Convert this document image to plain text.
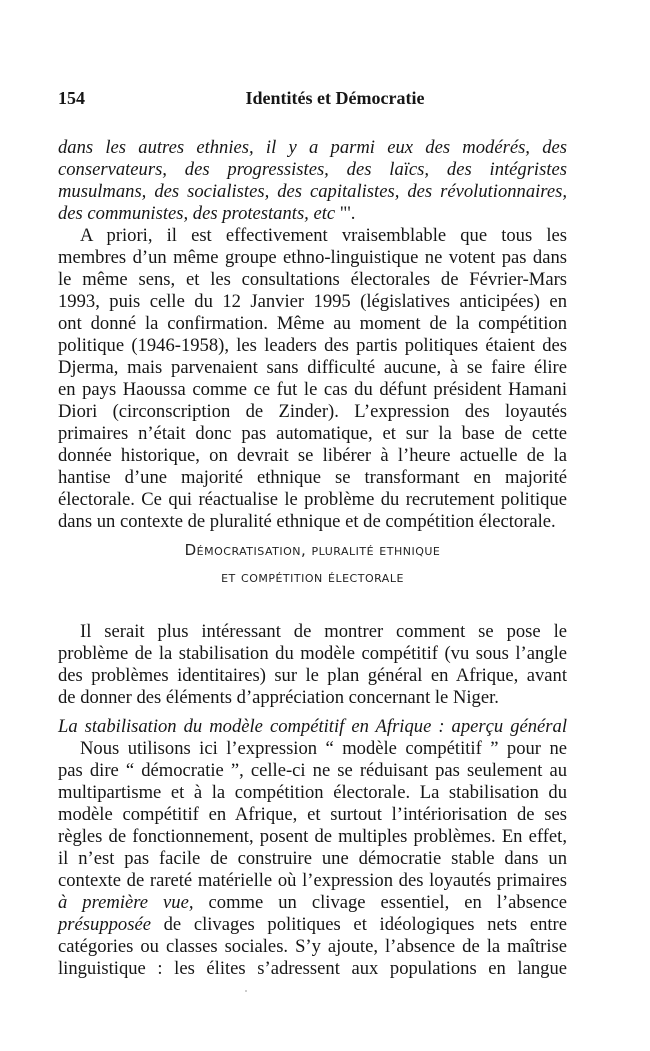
154	Identités et Démocratie
dans les autres ethnies, il y a parmi eux des modérés, des
conservateurs, des progressistes, des laïcs, des intégristes
musulmans, des socialistes, des capitalistes, des révolutionnaires,
des communistes, des protestants, etc "'.
A priori, il est effectivement vraisemblable que tous les
membres d’un même groupe ethno-linguistique ne votent pas dans
le même sens, et les consultations électorales de Février-Mars
1993, puis celle du 12 Janvier 1995 (législatives anticipées) en
ont donné la confirmation. Même au moment de la compétition
politique (1946-1958), les leaders des partis politiques étaient des
Djerma, mais parvenaient sans difficulté aucune, à se faire élire
en pays Haoussa comme ce fut le cas du défunt président Hamani
Diori (circonscription de Zinder). L’expression des loyautés
primaires n’était donc pas automatique, et sur la base de cette
donnée historique, on devrait se libérer à l’heure actuelle de la
hantise d’une majorité ethnique se transformant en majorité
électorale. Ce qui réactualise le problème du recrutement politique
dans un contexte de pluralité ethnique et de compétition électorale.
Démocratisation, pluralité ethnique
et compétition électorale
Il serait plus intéressant de montrer comment se pose le
problème de la stabilisation du modèle compétitif (vu sous l’angle
des problèmes identitaires) sur le plan général en Afrique, avant
de donner des éléments d’appréciation concernant le Niger.
La stabilisation du modèle compétitif en Afrique : aperçu général
Nous utilisons ici l’expression “ modèle compétitif ” pour ne
pas dire “ démocratie ”, celle-ci ne se réduisant pas seulement au
multipartisme et à la compétition électorale. La stabilisation du
modèle compétitif en Afrique, et surtout l’intériorisation de ses
règles de fonctionnement, posent de multiples problèmes. En effet,
il n’est pas facile de construire une démocratie stable dans un
contexte de rareté matérielle où l’expression des loyautés primaires
à première vue, comme un clivage essentiel, en l’absence
présupposée de clivages politiques et idéologiques nets entre
catégories ou classes sociales. S’y ajoute, l’absence de la maîtrise
linguistique : les élites s’adressent aux populations en langue
